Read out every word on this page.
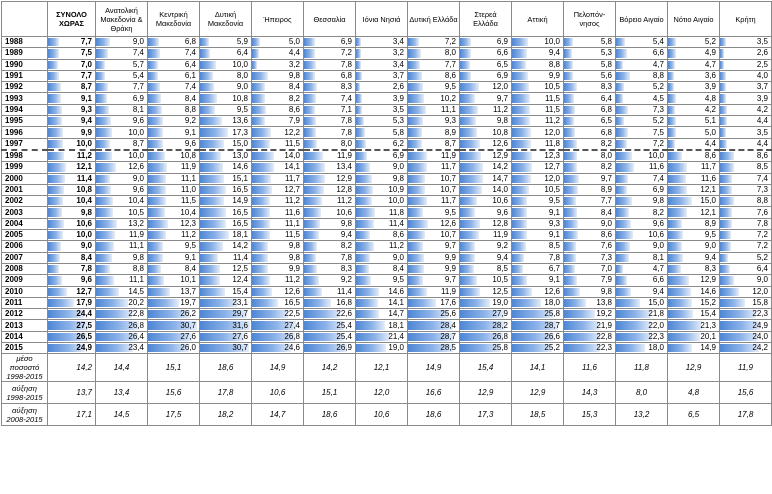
	ΣΥΝΟΛΟ ΧΩΡΑΣ	Ανατολική Μακεδονία & Θράκη	Κεντρική Μακεδονία	Δυτική Μακεδονία	Ήπειρος	Θεσσαλία	Ιόνια Νησιά	Δυτική Ελλάδα	Στερεά Ελλάδα	Αττική	Πελοπόν-νησος	Βόρειο Αιγαίο	Νότιο Αιγαίο	Κρήτη
1988	7,7	9,0	6,8	5,9	5,0	6,9	3,4	7,2	6,9	10,0	5,8	5,4	5,2	3,5
1989	7,5	7,4	7,4	6,4	4,4	7,2	3,2	8,0	6,6	9,4	5,3	6,6	4,9	2,6
1990	7,0	5,7	6,4	10,0	3,2	7,8	3,4	7,7	6,5	8,8	5,8	4,7	4,7	2,5
1991	7,7	5,4	6,1	8,0	9,8	6,8	3,7	8,6	6,9	9,9	5,6	8,8	3,6	4,0
1992	8,7	7,7	7,4	9,0	8,4	8,3	2,6	9,5	12,0	10,5	8,3	5,2	3,9	3,7
1993	9,1	6,9	8,4	10,8	8,2	7,4	3,9	10,2	9,7	11,5	6,4	4,5	4,8	3,9
1994	9,3	8,1	8,8	9,5	8,6	7,1	3,5	11,1	11,2	11,5	6,8	7,3	4,2	4,2
1995	9,4	9,6	9,2	13,6	7,9	7,8	5,3	9,3	9,8	11,2	6,5	5,2	5,1	4,4
1996	9,9	10,0	9,1	17,3	12,2	7,8	5,8	8,9	10,8	12,0	6,8	7,5	5,0	3,5
1997	10,0	8,7	9,6	15,0	11,5	8,0	6,2	8,7	12,6	11,8	8,2	7,2	4,4	4,4
1998	11,2	10,0	10,8	13,0	14,0	11,9	6,9	11,9	12,9	12,3	8,0	10,0	8,6	8,6
1999	12,1	12,6	11,9	14,6	14,1	13,4	9,0	11,7	14,2	12,7	8,2	11,6	11,7	8,5
2000	11,4	9,0	11,1	15,1	11,7	12,9	9,8	10,7	14,7	12,0	9,7	7,4	11,6	7,4
2001	10,8	9,6	11,0	16,5	12,7	12,8	10,9	10,7	14,0	10,5	8,9	6,9	12,1	7,3
2002	10,4	10,4	11,5	14,9	11,2	11,2	10,0	11,7	10,6	9,5	7,7	9,8	15,0	8,8
2003	9,8	10,5	10,4	16,5	11,6	10,6	11,8	9,5	9,6	9,1	8,4	8,2	12,1	7,6
2004	10,6	13,2	12,3	16,5	11,1	9,8	11,4	12,6	12,8	9,3	9,0	9,6	8,9	7,8
2005	10,0	11,9	11,2	18,1	11,5	9,4	8,6	10,7	11,9	9,1	8,6	10,6	9,5	7,2
2006	9,0	11,1	9,5	14,2	9,8	8,2	11,2	9,7	9,2	8,5	7,6	9,0	9,0	7,2
2007	8,4	9,8	9,1	11,4	9,8	7,8	9,0	9,9	9,4	7,8	7,3	8,1	9,4	5,2
2008	7,8	8,8	8,4	12,5	9,9	8,3	8,4	9,9	8,5	6,7	7,0	4,7	8,3	6,4
2009	9,6	11,1	10,1	12,4	11,2	9,2	9,5	9,7	10,5	9,1	7,9	6,6	12,9	9,0
2010	12,7	14,5	13,7	15,4	12,6	11,4	14,6	11,9	12,5	12,6	9,8	9,4	14,6	12,0
2011	17,9	20,2	19,7	23,1	16,5	16,8	14,1	17,6	19,0	18,0	13,8	15,0	15,2	15,8
2012	24,4	22,8	26,2	29,7	22,5	22,6	14,7	25,6	27,9	25,8	19,2	21,8	15,4	22,3
2013	27,5	26,8	30,7	31,6	27,4	25,4	18,1	28,4	28,2	28,7	21,9	22,0	21,3	24,9
2014	26,5	26,4	27,6	27,6	26,8	25,4	21,4	28,7	26,8	26,6	22,8	22,3	20,1	24,0
2015	24,9	23,4	26,0	30,7	24,6	26,9	19,0	28,5	25,8	25,2	22,3	18,0	14,9	24,2
μέσο ποσοστό 1998-2015	14,2	14,4	15,1	18,6	14,9	14,2	12,1	14,9	15,4	14,1	11,6	11,8	12,9	11,9
αύξηση 1998-2015	13,7	13,4	15,6	17,8	10,6	15,1	12,0	16,6	12,9	12,9	14,3	8,0	4,8	15,6
αύξηση 2008-2015	17,1	14,5	17,5	18,2	14,7	18,6	10,6	18,6	17,3	18,5	15,3	13,2	6,5	17,8
